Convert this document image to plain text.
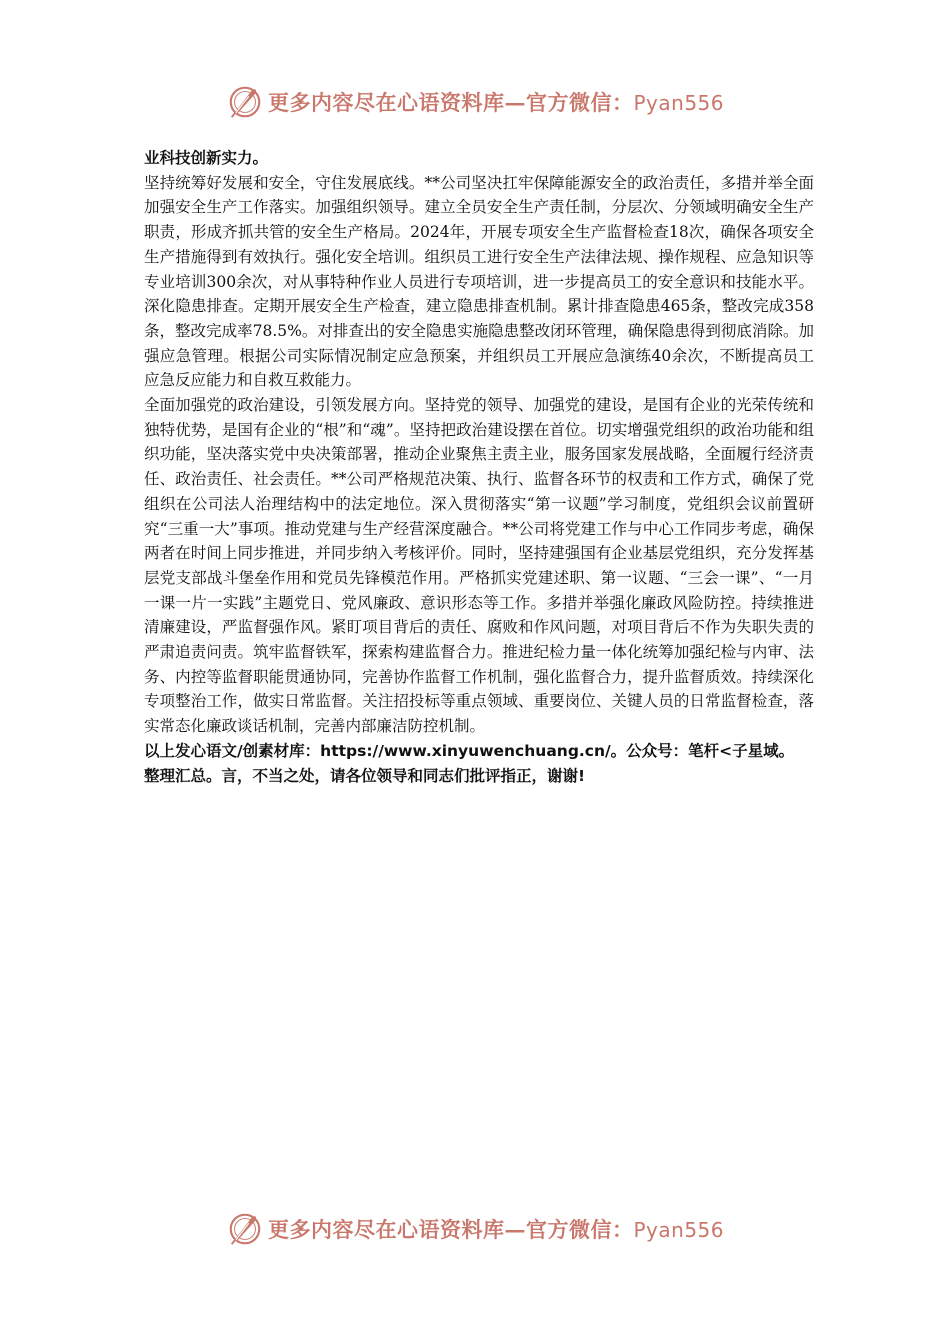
更多内容尽在心语资料库—官方微信：Pyan556

业科技创新实力。

坚持统筹好发展和安全，守住发展底线。**公司坚决扛牢保障能源安全的政治责任，多措并举全面加强安全生产工作落实。加强组织领导。建立全员安全生产责任制，分层次、分领域明确安全生产职责，形成齐抓共管的安全生产格局。2024年，开展专项安全生产监督检查18次，确保各项安全生产措施得到有效执行。强化安全培训。组织员工进行安全生产法律法规、操作规程、应急知识等专业培训300余次，对从事特种作业人员进行专项培训，进一步提高员工的安全意识和技能水平。深化隐患排查。定期开展安全生产检查，建立隐患排查机制。累计排查隐患465条，整改完成358条，整改完成率78.5%。对排查出的安全隐患实施隐患整改闭环管理，确保隐患得到彻底消除。加强应急管理。根据公司实际情况制定应急预案，并组织员工开展应急演练40余次，不断提高员工应急反应能力和自救互救能力。

全面加强党的政治建设，引领发展方向。坚持党的领导、加强党的建设，是国有企业的光荣传统和独特优势，是国有企业的“根”和“魂”。坚持把政治建设摆在首位。切实增强党组织的政治功能和组织功能，坚决落实党中央决策部署，推动企业聚焦主责主业，服务国家发展战略，全面履行经济责任、政治责任、社会责任。**公司严格规范决策、执行、监督各环节的权责和工作方式，确保了党组织在公司法人治理结构中的法定地位。深入贯彻落实“第一议题”学习制度，党组织会议前置研究“三重一大”事项。推动党建与生产经营深度融合。**公司将党建工作与中心工作同步考虑，确保两者在时间上同步推进，并同步纳入考核评价。同时，坚持建强国有企业基层党组织，充分发挥基层党支部战斗堡垒作用和党员先锋模范作用。严格抓实党建述职、第一议题、“三会一课”、“一月一课一片一实践”主题党日、党风廉政、意识形态等工作。多措并举强化廉政风险防控。持续推进清廉建设，严监督强作风。紧盯项目背后的责任、腐败和作风问题，对项目背后不作为失职失责的严肃追责问责。筑牢监督铁军，探索构建监督合力。推进纪检力量一体化统筹加强纪检与内审、法务、内控等监督职能贯通协同，完善协作监督工作机制，强化监督合力，提升监督质效。持续深化专项整治工作，做实日常监督。关注招投标等重点领域、重要岗位、关键人员的日常监督检查，落实常态化廉政谈话机制，完善内部廉洁防控机制。

以上发心语文/创素材库：https://www.xinyuwenchuang.cn/。公众号：笔杆<子星域。

整理汇总。言，不当之处，请各位领导和同志们批评指正，谢谢!

更多内容尽在心语资料库—官方微信：Pyan556
